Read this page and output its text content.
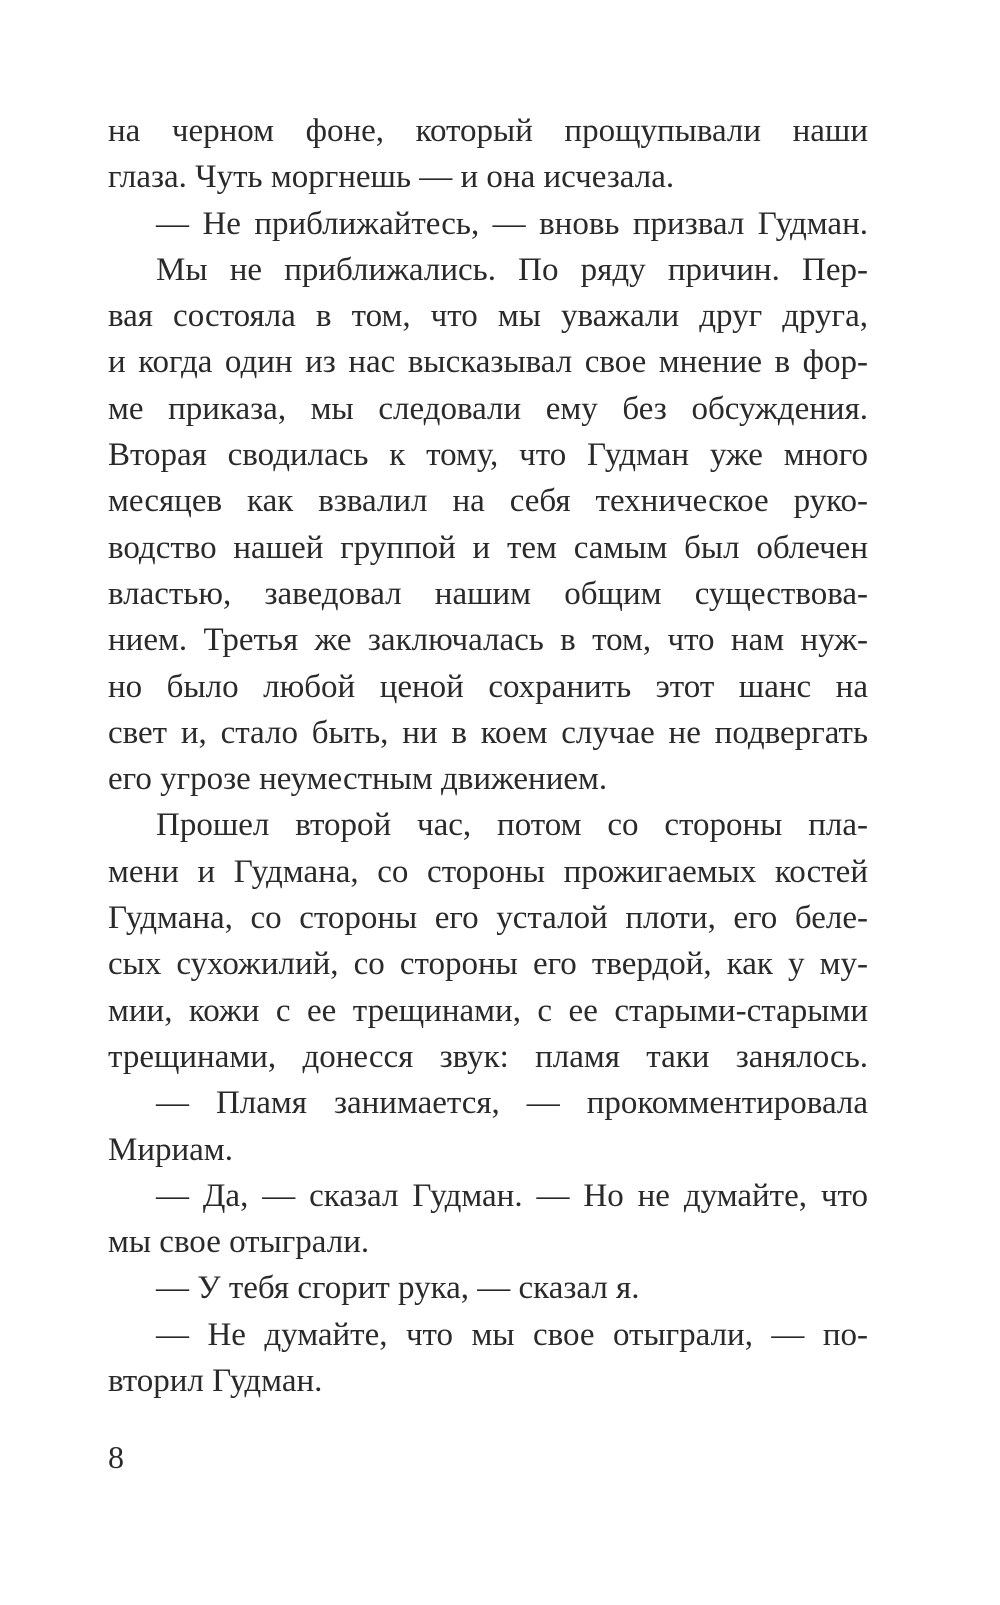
на черном фоне, который прощупывали наши
глаза. Чуть моргнешь — и она исчезала.
— Не приближайтесь, — вновь призвал Гудман.
Мы не приближались. По ряду причин. Пер-
вая состояла в том, что мы уважали друг друга,
и когда один из нас высказывал свое мнение в фор-
ме приказа, мы следовали ему без обсуждения.
Вторая сводилась к тому, что Гудман уже много
месяцев как взвалил на себя техническое руко-
водство нашей группой и тем самым был облечен
властью, заведовал нашим общим существова-
нием. Третья же заключалась в том, что нам нуж-
но было любой ценой сохранить этот шанс на
свет и, стало быть, ни в коем случае не подвергать
его угрозе неуместным движением.
Прошел второй час, потом со стороны пла-
мени и Гудмана, со стороны прожигаемых костей
Гудмана, со стороны его усталой плоти, его беле-
сых сухожилий, со стороны его твердой, как у му-
мии, кожи с ее трещинами, с ее старыми-старыми
трещинами, донесся звук: пламя таки занялось.
— Пламя занимается, — прокомментировала
Мириам.
— Да, — сказал Гудман. — Но не думайте, что
мы свое отыграли.
— У тебя сгорит рука, — сказал я.
— Не думайте, что мы свое отыграли, — по-
вторил Гудман.
8
